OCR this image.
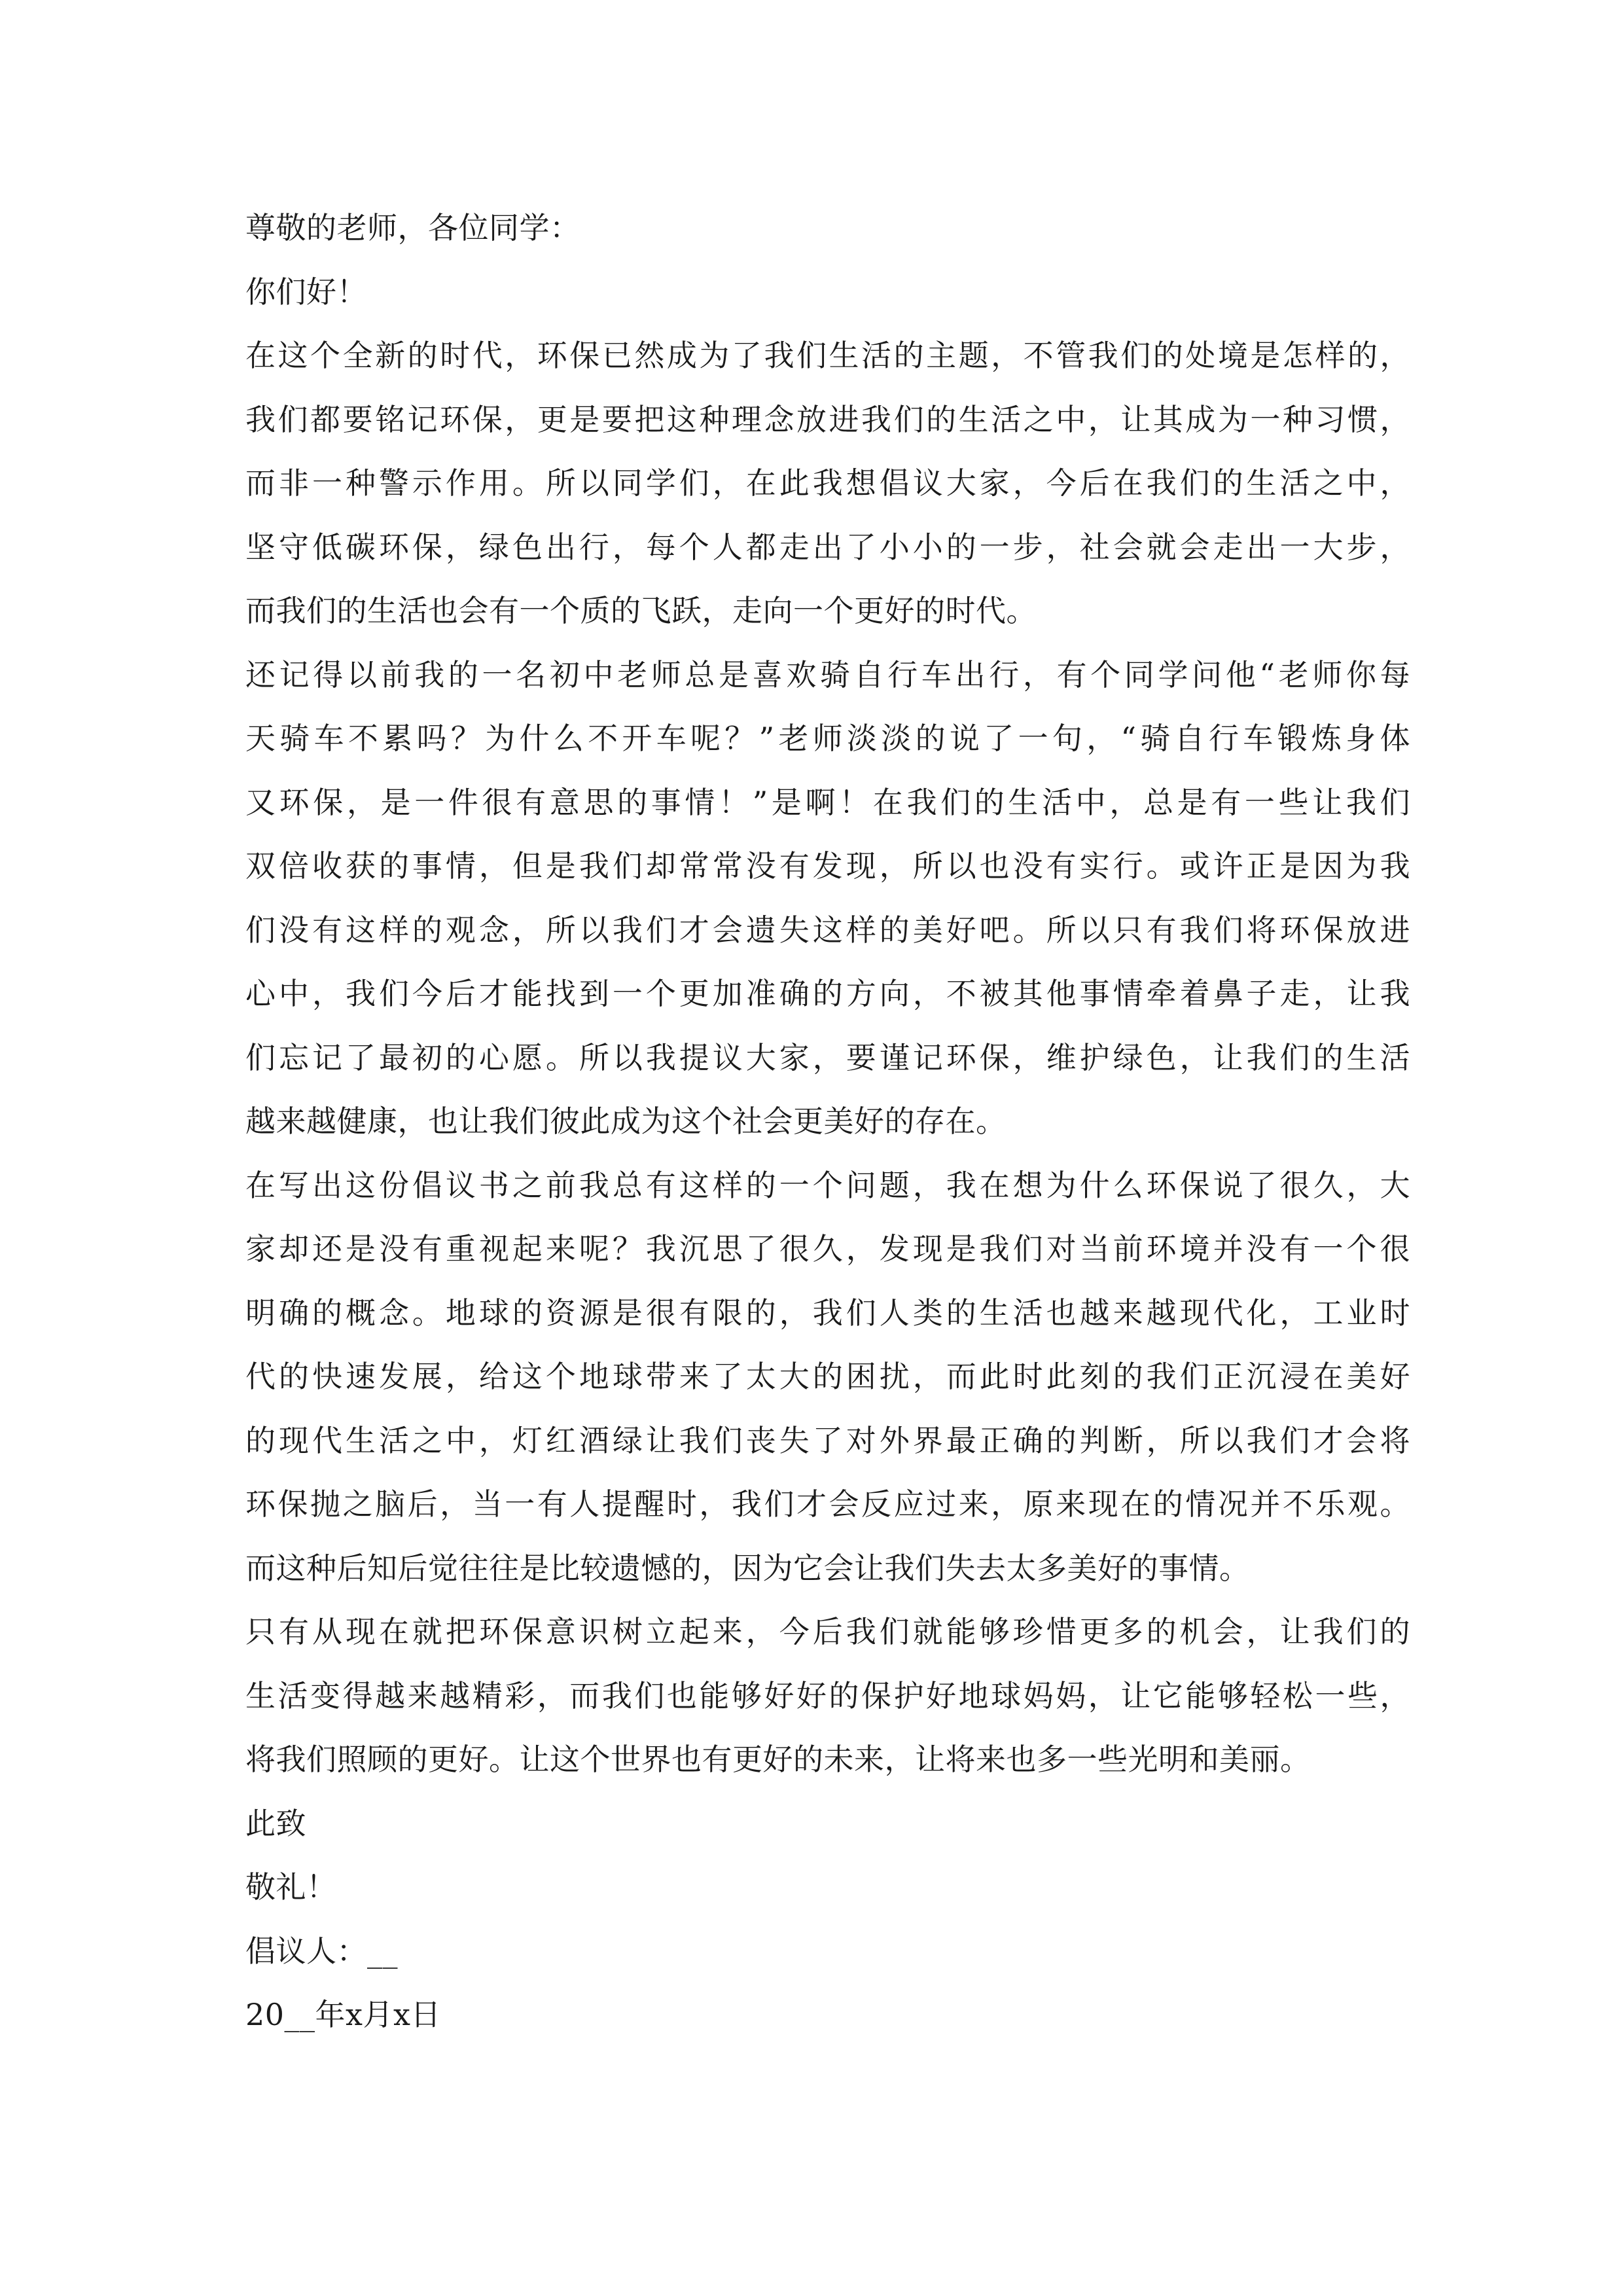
尊敬的老师，各位同学：
你们好！
在这个全新的时代，环保已然成为了我们生活的主题，不管我们的处境是怎样的，
我们都要铭记环保，更是要把这种理念放进我们的生活之中，让其成为一种习惯，
而非一种警示作用。所以同学们，在此我想倡议大家，今后在我们的生活之中，
坚守低碳环保，绿色出行，每个人都走出了小小的一步，社会就会走出一大步，
而我们的生活也会有一个质的飞跃，走向一个更好的时代。
还记得以前我的一名初中老师总是喜欢骑自行车出行，有个同学问他“老师你每
天骑车不累吗？为什么不开车呢？”老师淡淡的说了一句，“骑自行车锻炼身体
又环保，是一件很有意思的事情！”是啊！在我们的生活中，总是有一些让我们
双倍收获的事情，但是我们却常常没有发现，所以也没有实行。或许正是因为我
们没有这样的观念，所以我们才会遗失这样的美好吧。所以只有我们将环保放进
心中，我们今后才能找到一个更加准确的方向，不被其他事情牵着鼻子走，让我
们忘记了最初的心愿。所以我提议大家，要谨记环保，维护绿色，让我们的生活
越来越健康，也让我们彼此成为这个社会更美好的存在。
在写出这份倡议书之前我总有这样的一个问题，我在想为什么环保说了很久，大
家却还是没有重视起来呢？我沉思了很久，发现是我们对当前环境并没有一个很
明确的概念。地球的资源是很有限的，我们人类的生活也越来越现代化，工业时
代的快速发展，给这个地球带来了太大的困扰，而此时此刻的我们正沉浸在美好
的现代生活之中，灯红酒绿让我们丧失了对外界最正确的判断，所以我们才会将
环保抛之脑后，当一有人提醒时，我们才会反应过来，原来现在的情况并不乐观。
而这种后知后觉往往是比较遗憾的，因为它会让我们失去太多美好的事情。
只有从现在就把环保意识树立起来，今后我们就能够珍惜更多的机会，让我们的
生活变得越来越精彩，而我们也能够好好的保护好地球妈妈，让它能够轻松一些，
将我们照顾的更好。让这个世界也有更好的未来，让将来也多一些光明和美丽。
此致
敬礼！
倡议人：__
20__年x月x日
